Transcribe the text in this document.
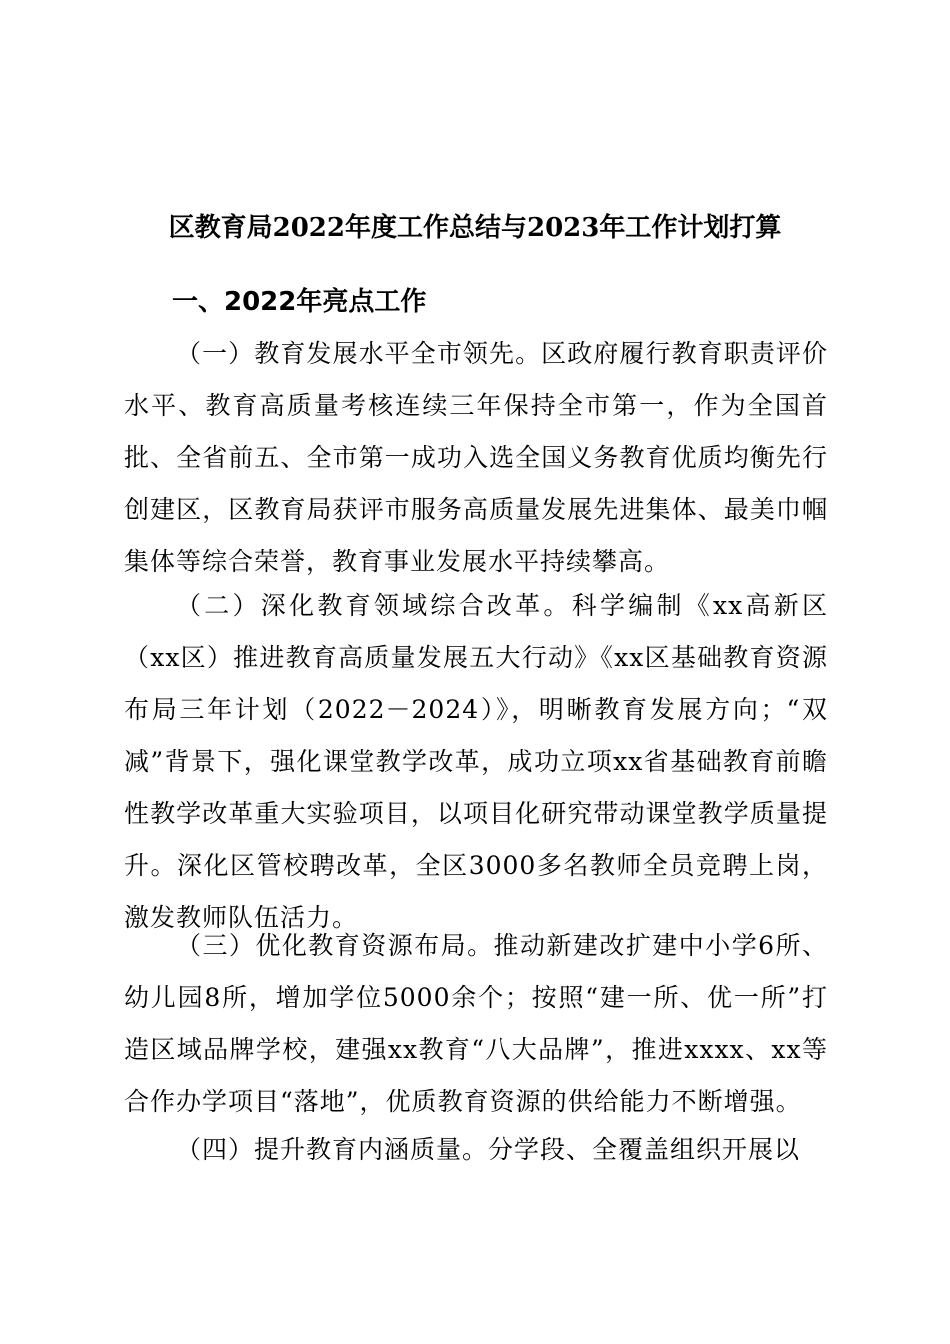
区教育局2022年度工作总结与2023年工作计划打算
一、2022年亮点工作

（一）教育发展水平全市领先。区政府履行教育职责评价水平、教育高质量考核连续三年保持全市第一，作为全国首批、全省前五、全市第一成功入选全国义务教育优质均衡先行创建区，区教育局获评市服务高质量发展先进集体、最美巾帼集体等综合荣誉，教育事业发展水平持续攀高。

（二）深化教育领域综合改革。科学编制《xx高新区（xx区）推进教育高质量发展五大行动》《xx区基础教育资源布局三年计划（2022－2024）》，明晰教育发展方向；“双减”背景下，强化课堂教学改革，成功立项xx省基础教育前瞻性教学改革重大实验项目，以项目化研究带动课堂教学质量提升。深化区管校聘改革，全区3000多名教师全员竞聘上岗，激发教师队伍活力。

（三）优化教育资源布局。推动新建改扩建中小学6所、幼儿园8所，增加学位5000余个；按照“建一所、优一所”打造区域品牌学校，建强xx教育“八大品牌”，推进xxxx、xx等合作办学项目“落地”，优质教育资源的供给能力不断增强。

（四）提升教育内涵质量。分学段、全覆盖组织开展以
